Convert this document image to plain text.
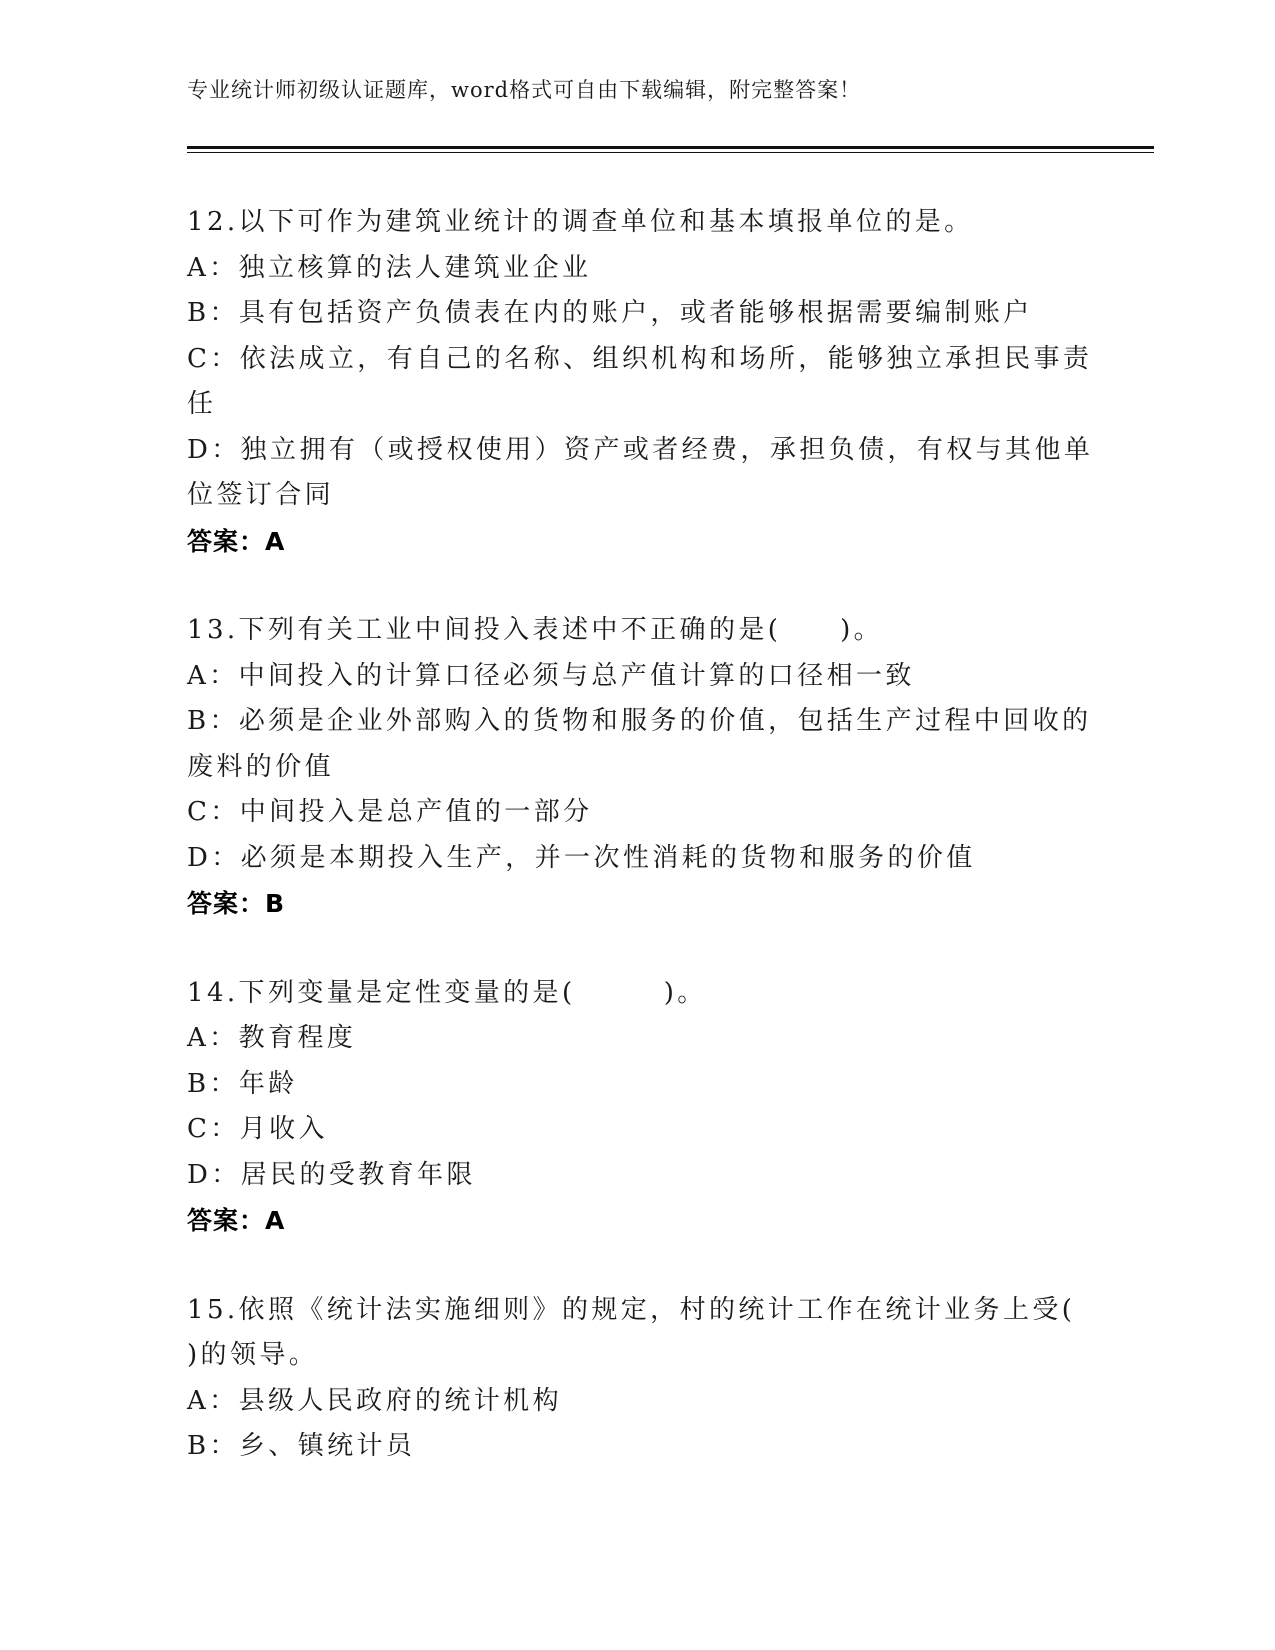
专业统计师初级认证题库，word格式可自由下载编辑，附完整答案！
12.以下可作为建筑业统计的调查单位和基本填报单位的是。
A：独立核算的法人建筑业企业
B：具有包括资产负债表在内的账户，或者能够根据需要编制账户
C：依法成立，有自己的名称、组织机构和场所，能够独立承担民事责
任
D：独立拥有（或授权使用）资产或者经费，承担负债，有权与其他单
位签订合同
答案：A
13.下列有关工业中间投入表述中不正确的是(　　)。
A：中间投入的计算口径必须与总产值计算的口径相一致
B：必须是企业外部购入的货物和服务的价值，包括生产过程中回收的
废料的价值
C：中间投入是总产值的一部分
D：必须是本期投入生产，并一次性消耗的货物和服务的价值
答案：B
14.下列变量是定性变量的是(　　　)。
A：教育程度
B：年龄
C：月收入
D：居民的受教育年限
答案：A
15.依照《统计法实施细则》的规定，村的统计工作在统计业务上受(
)的领导。
A：县级人民政府的统计机构
B：乡、镇统计员
